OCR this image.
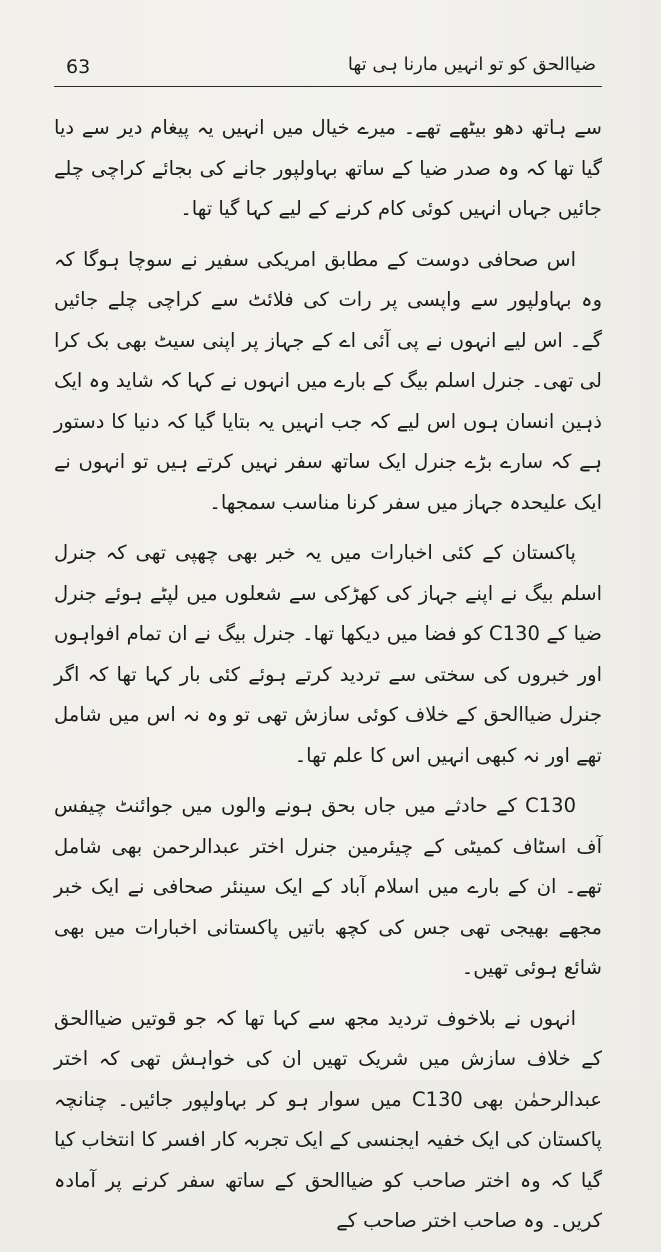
63	ضیاالحق کو تو انہیں مارنا ہی تھا

سے ہاتھ دھو بیٹھے تھے۔ میرے خیال میں انہیں یہ پیغام دیر سے دیا گیا تھا کہ وہ صدر ضیا کے ساتھ بہاولپور جانے کی بجائے کراچی چلے جائیں جہاں انہیں کوئی کام کرنے کے لیے کہا گیا تھا۔

اس صحافی دوست کے مطابق امریکی سفیر نے سوچا ہوگا کہ وہ بہاولپور سے واپسی پر رات کی فلائٹ سے کراچی چلے جائیں گے۔ اس لیے انہوں نے پی آئی اے کے جہاز پر اپنی سیٹ بھی بک کرا لی تھی۔ جنرل اسلم بیگ کے بارے میں انہوں نے کہا کہ شاید وہ ایک ذہین انسان ہوں اس لیے کہ جب انہیں یہ بتایا گیا کہ دنیا کا دستور ہے کہ سارے بڑے جنرل ایک ساتھ سفر نہیں کرتے ہیں تو انہوں نے ایک علیحدہ جہاز میں سفر کرنا مناسب سمجھا۔

پاکستان کے کئی اخبارات میں یہ خبر بھی چھپی تھی کہ جنرل اسلم بیگ نے اپنے جہاز کی کھڑکی سے شعلوں میں لپٹے ہوئے جنرل ضیا کے C130 کو فضا میں دیکھا تھا۔ جنرل بیگ نے ان تمام افواہوں اور خبروں کی سختی سے تردید کرتے ہوئے کئی بار کہا تھا کہ اگر جنرل ضیاالحق کے خلاف کوئی سازش تھی تو وہ نہ اس میں شامل تھے اور نہ کبھی انہیں اس کا علم تھا۔

C130 کے حادثے میں جاں بحق ہونے والوں میں جوائنٹ چیفس آف اسٹاف کمیٹی کے چیئرمین جنرل اختر عبدالرحمن بھی شامل تھے۔ ان کے بارے میں اسلام آباد کے ایک سینئر صحافی نے ایک خبر مجھے بھیجی تھی جس کی کچھ باتیں پاکستانی اخبارات میں بھی شائع ہوئی تھیں۔

انہوں نے بلاخوف تردید مجھ سے کہا تھا کہ جو قوتیں ضیاالحق کے خلاف سازش میں شریک تھیں ان کی خواہش تھی کہ اختر عبدالرحمٰن بھی C130 میں سوار ہو کر بہاولپور جائیں۔ چنانچہ پاکستان کی ایک خفیہ ایجنسی کے ایک تجربہ کار افسر کا انتخاب کیا گیا کہ وہ اختر صاحب کو ضیاالحق کے ساتھ سفر کرنے پر آمادہ کریں۔ وہ صاحب اختر صاحب کے
